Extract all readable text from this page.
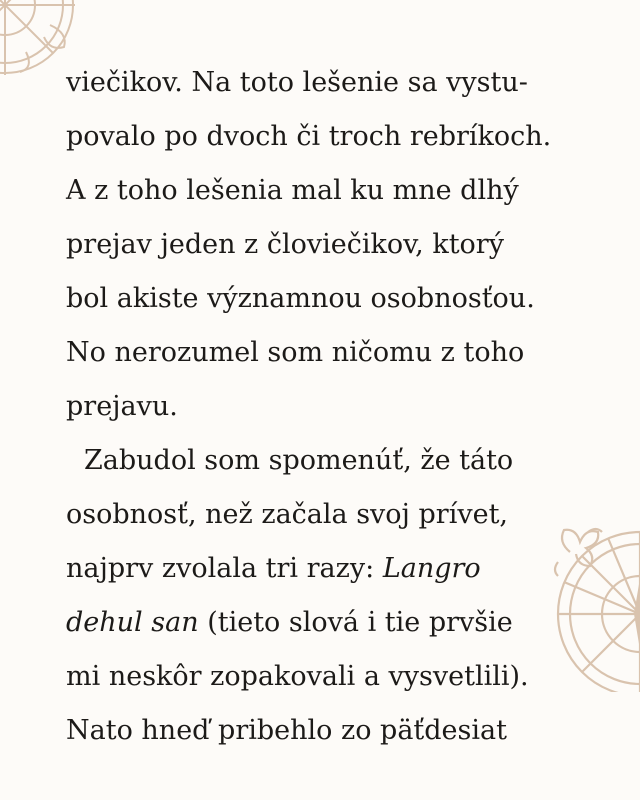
viečikov. Na toto lešenie sa vystu-
povalo po dvoch či troch rebríkoch.
A z toho lešenia mal ku mne dlhý
prejav jeden z človiečikov, ktorý
bol akiste významnou osobnosťou.
No nerozumel som ničomu z toho
prejavu.
Zabudol som spomenúť, že táto
osobnosť, než začala svoj prívet,
najprv zvolala tri razy: Langro
dehul san (tieto slová i tie prvšie
mi neskôr zopakovali a vysvetlili).
Nato hneď pribehlo zo päťdesiat
